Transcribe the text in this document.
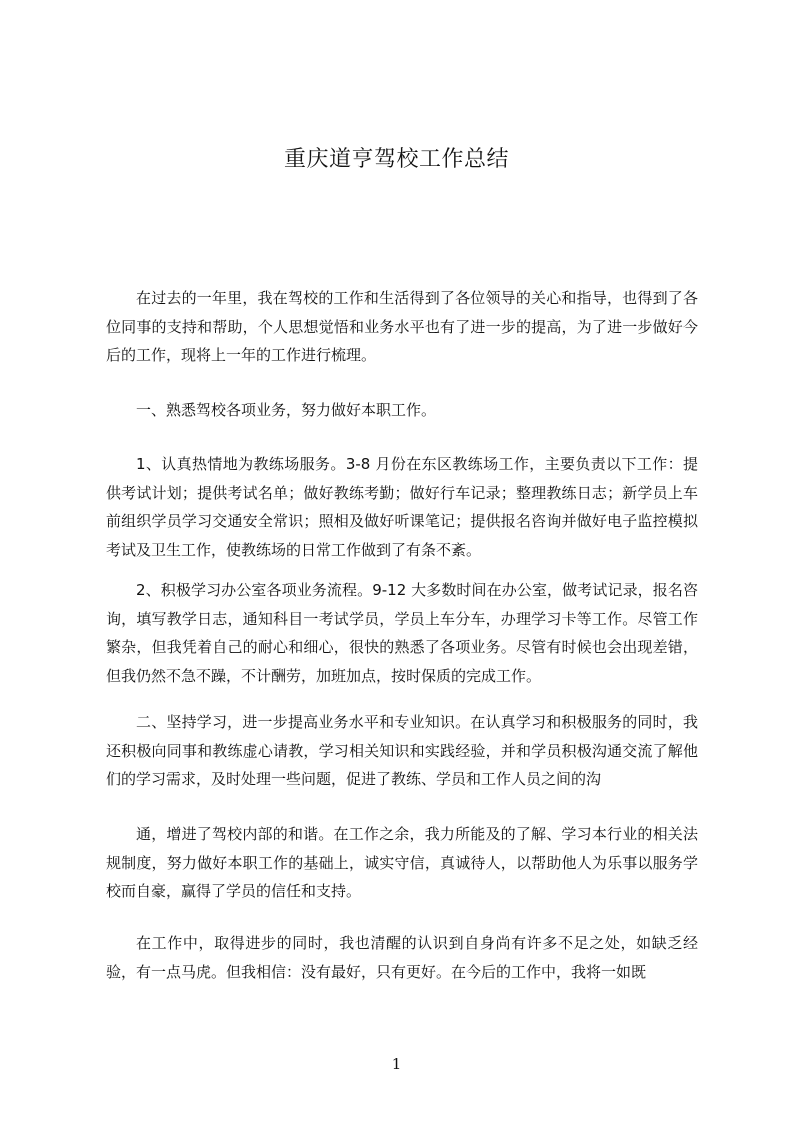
重庆道亨驾校工作总结

在过去的一年里，我在驾校的工作和生活得到了各位领导的关心和指导，也得到了各位同事的支持和帮助，个人思想觉悟和业务水平也有了进一步的提高，为了进一步做好今后的工作，现将上一年的工作进行梳理。

一、熟悉驾校各项业务，努力做好本职工作。

1、认真热情地为教练场服务。3-8 月份在东区教练场工作，主要负责以下工作：提供考试计划；提供考试名单；做好教练考勤；做好行车记录；整理教练日志；新学员上车前组织学员学习交通安全常识；照相及做好听课笔记；提供报名咨询并做好电子监控模拟考试及卫生工作，使教练场的日常工作做到了有条不紊。

2、积极学习办公室各项业务流程。9-12 大多数时间在办公室，做考试记录，报名咨询，填写教学日志，通知科目一考试学员，学员上车分车，办理学习卡等工作。尽管工作繁杂，但我凭着自己的耐心和细心，很快的熟悉了各项业务。尽管有时候也会出现差错，但我仍然不急不躁，不计酬劳，加班加点，按时保质的完成工作。

二、坚持学习，进一步提高业务水平和专业知识。在认真学习和积极服务的同时，我还积极向同事和教练虚心请教，学习相关知识和实践经验，并和学员积极沟通交流了解他们的学习需求，及时处理一些问题，促进了教练、学员和工作人员之间的沟

通，增进了驾校内部的和谐。在工作之余，我力所能及的了解、学习本行业的相关法规制度，努力做好本职工作的基础上，诚实守信，真诚待人，以帮助他人为乐事以服务学校而自豪，赢得了学员的信任和支持。

在工作中，取得进步的同时，我也清醒的认识到自身尚有许多不足之处，如缺乏经验，有一点马虎。但我相信：没有最好，只有更好。在今后的工作中，我将一如既

1
